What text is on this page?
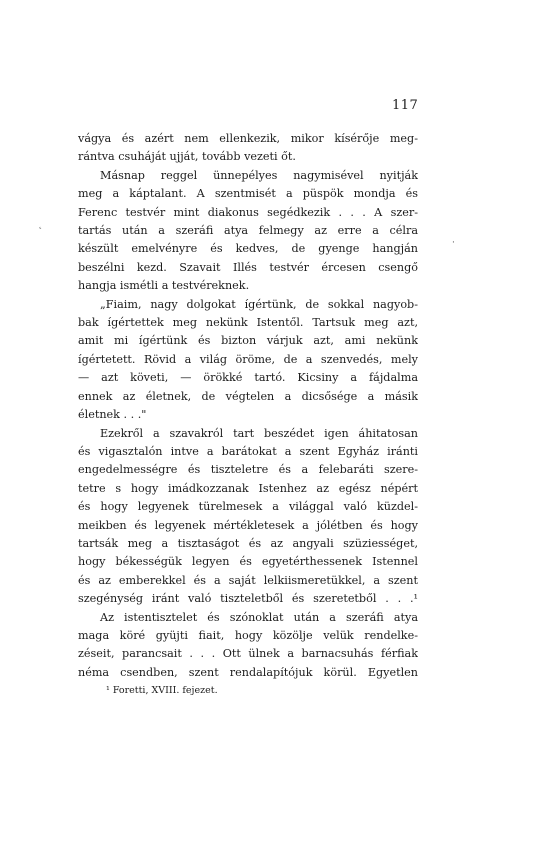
117
vágya és azért nem ellenkezik, mikor kísérője meg-
rántva csuháját ujját, tovább vezeti őt.
Másnap reggel ünnepélyes nagymisével nyitják
meg a káptalant. A szentmisét a püspök mondja és
Ferenc testvér mint diakonus segédkezik . . . A szer-
tartás után a szeráfi atya felmegy az erre a célra
készült emelvényre és kedves, de gyenge hangján
beszélni kezd. Szavait Illés testvér ércesen csengő
hangja ismétli a testvéreknek.
„Fiaim, nagy dolgokat ígértünk, de sokkal nagyob-
bak ígértettek meg nekünk Istentől. Tartsuk meg azt,
amit mi ígértünk és bizton várjuk azt, ami nekünk
ígértetett. Rövid a világ öröme, de a szenvedés, mely
— azt követi, — örökké tartó. Kicsiny a fájdalma
ennek az életnek, de végtelen a dicsősége a másik
életnek . . ."
Ezekről a szavakról tart beszédet igen áhitatosan
és vigasztalón intve a barátokat a szent Egyház iránti
engedelmességre és tiszteletre és a felebaráti szere-
tetre s hogy imádkozzanak Istenhez az egész népért
és hogy legyenek türelmesek a világgal való küzdel-
meikben és legyenek mértékletesek a jólétben és hogy
tartsák meg a tisztaságot és az angyali szüziességet,
hogy békességük legyen és egyetérthessenek Istennel
és az emberekkel és a saját lelkiismeretükkel, a szent
szegénység iránt való tiszteletből és szeretetből . . .¹
Az istentisztelet és szónoklat után a szeráfi atya
maga köré gyüjti fiait, hogy közölje velük rendelke-
zéseit, parancsait . . . Ott ülnek a barnacsuhás férfiak
néma csendben, szent rendalapítójuk körül. Egyetlen
¹ Foretti, XVIII. fejezet.
˛
·
